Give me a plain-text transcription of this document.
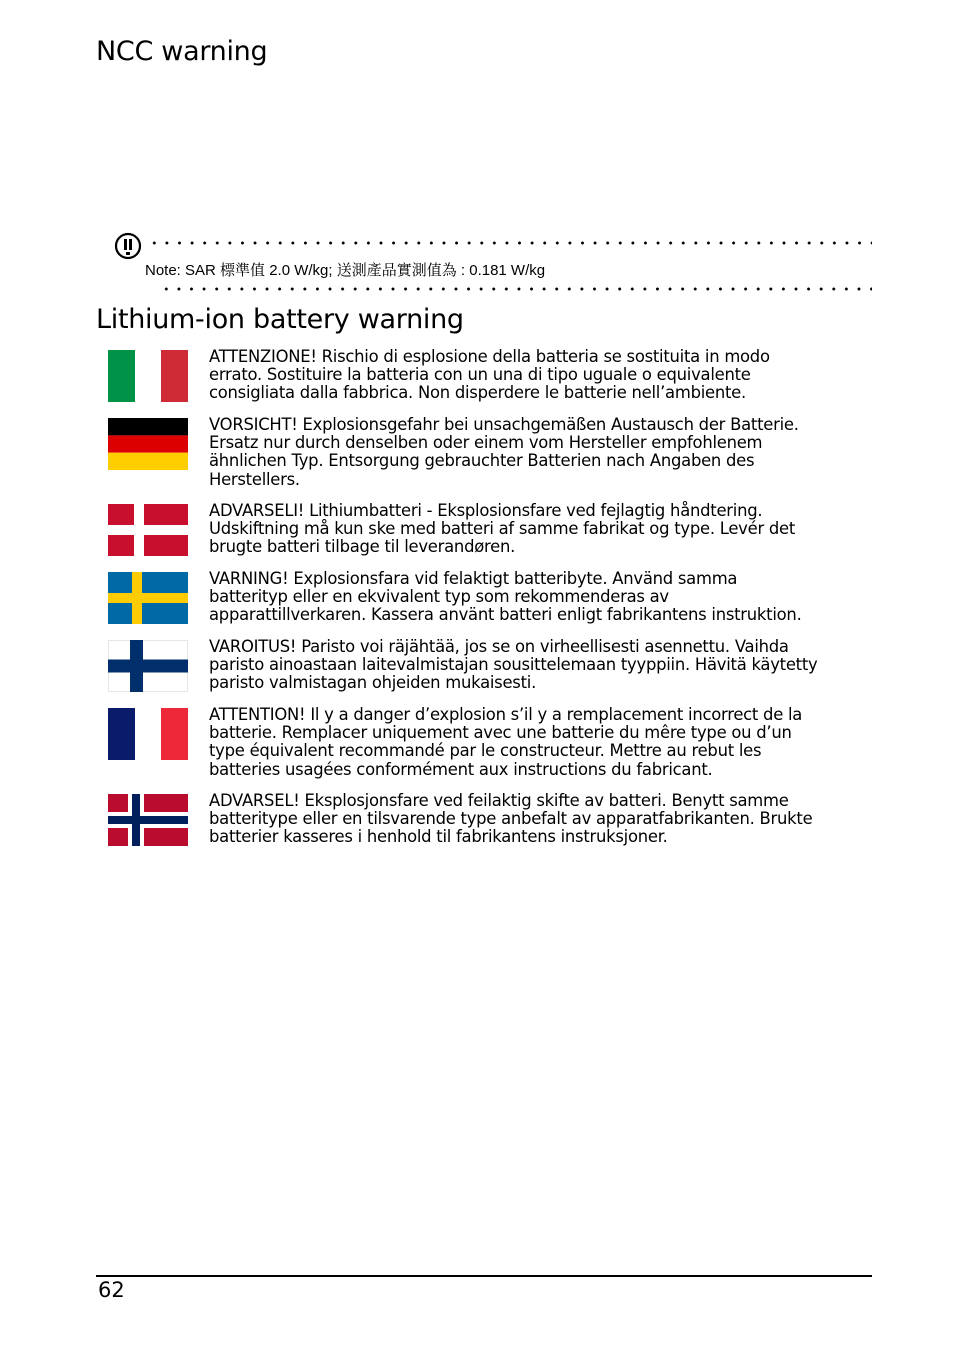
NCC warning
Note: SAR 標準值 2.0 W/kg; 送測產品實測值為 : 0.181 W/kg
Lithium-ion battery warning
ATTENZIONE! Rischio di esplosione della batteria se sostituita in modo
errato. Sostituire la batteria con un una di tipo uguale o equivalente
consigliata dalla fabbrica. Non disperdere le batterie nell’ambiente.
VORSICHT! Explosionsgefahr bei unsachgemäßen Austausch der Batterie.
Ersatz nur durch denselben oder einem vom Hersteller empfohlenem
ähnlichen Typ. Entsorgung gebrauchter Batterien nach Angaben des
Herstellers.
ADVARSELI! Lithiumbatteri - Eksplosionsfare ved fejlagtig håndtering.
Udskiftning må kun ske med batteri af samme fabrikat og type. Levér det
brugte batteri tilbage til leverandøren.
VARNING! Explosionsfara vid felaktigt batteribyte. Använd samma
batterityp eller en ekvivalent typ som rekommenderas av
apparattillverkaren. Kassera använt batteri enligt fabrikantens instruktion.
VAROITUS! Paristo voi räjähtää, jos se on virheellisesti asennettu. Vaihda
paristo ainoastaan laitevalmistajan sousittelemaan tyyppiin. Hävitä käytetty
paristo valmistagan ohjeiden mukaisesti.
ATTENTION! Il y a danger d’explosion s’il y a remplacement incorrect de la
batterie. Remplacer uniquement avec une batterie du mêre type ou d’un
type équivalent recommandé par le constructeur. Mettre au rebut les
batteries usagées conformément aux instructions du fabricant.
ADVARSEL! Eksplosjonsfare ved feilaktig skifte av batteri. Benytt samme
batteritype eller en tilsvarende type anbefalt av apparatfabrikanten. Brukte
batterier kasseres i henhold til fabrikantens instruksjoner.
62
